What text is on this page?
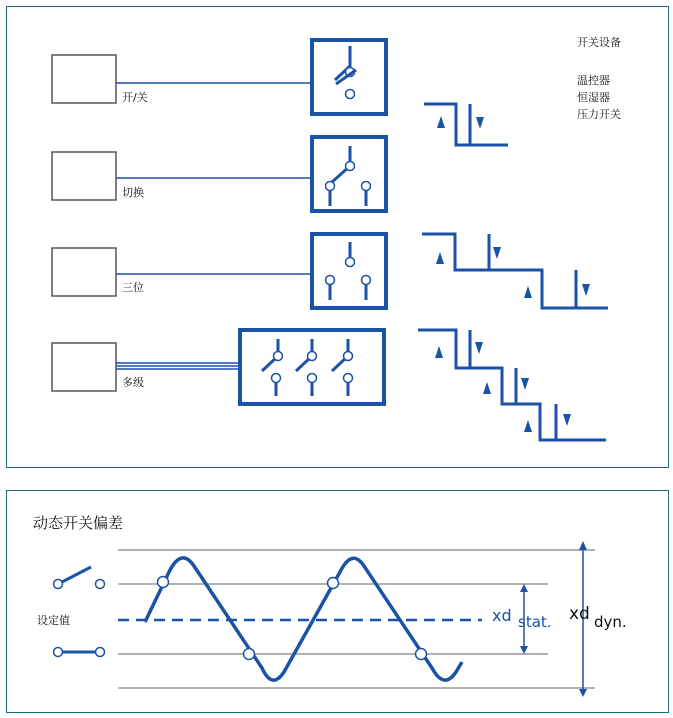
开/关
切换
三位
多级
开关设备
温控器
恒湿器
压力开关
动态开关偏差
设定值	xd stat. xd dyn.
